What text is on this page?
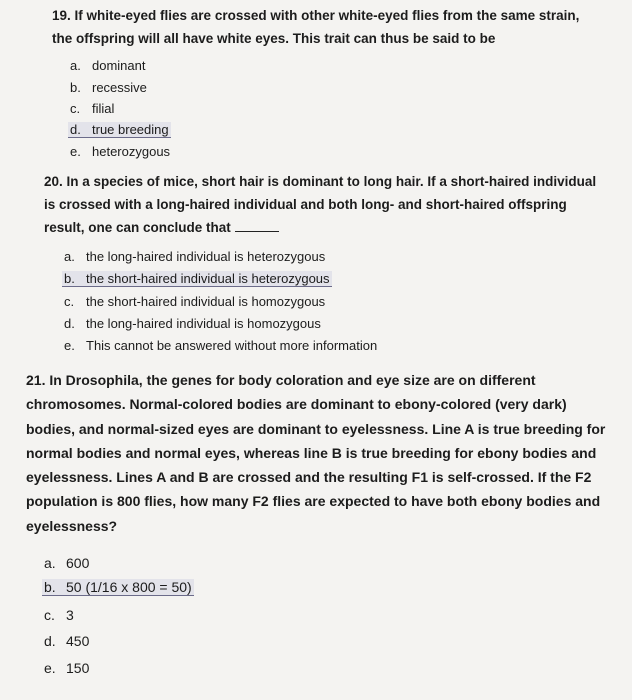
19. If white-eyed flies are crossed with other white-eyed flies from the same strain, the offspring will all have white eyes. This trait can thus be said to be
a. dominant
b. recessive
c. filial
d. true breeding
e. heterozygous
20. In a species of mice, short hair is dominant to long hair. If a short-haired individual is crossed with a long-haired individual and both long- and short-haired offspring result, one can conclude that
a. the long-haired individual is heterozygous
b. the short-haired individual is heterozygous
c. the short-haired individual is homozygous
d. the long-haired individual is homozygous
e. This cannot be answered without more information
21. In Drosophila, the genes for body coloration and eye size are on different chromosomes. Normal-colored bodies are dominant to ebony-colored (very dark) bodies, and normal-sized eyes are dominant to eyelessness. Line A is true breeding for normal bodies and normal eyes, whereas line B is true breeding for ebony bodies and eyelessness. Lines A and B are crossed and the resulting F1 is self-crossed. If the F2 population is 800 flies, how many F2 flies are expected to have both ebony bodies and eyelessness?
a. 600
b. 50 (1/16 x 800 = 50)
c. 3
d. 450
e. 150
